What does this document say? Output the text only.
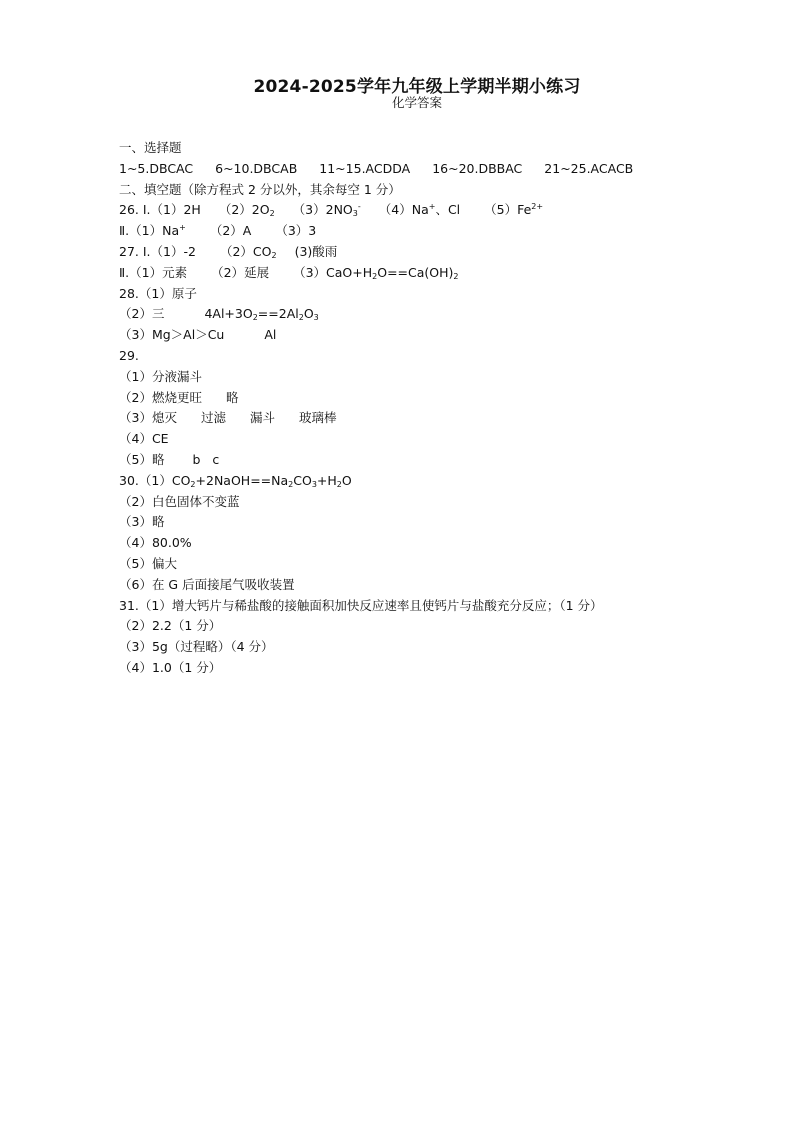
2024-2025学年九年级上学期半期小练习
化学答案
一、选择题
1~5.DBCAC 6~10.DBCAB 11~15.ACDDA 16~20.DBBAC 21~25.ACACB
二、填空题（除方程式 2 分以外，其余每空 1 分）
26. Ⅰ.（1）2H $(2)2O_2$ $(3)2NO_3^-$ （4）Na+、Cl $(5)Fe^{2+}$
Ⅱ.（1）Na+ （2）A （3）3
27. Ⅰ.（1）-2 $(2)CO_2$ (3)酸雨
Ⅱ.（1）元素 （2）延展 $(3)CaO+H_2O==Ca(OH)_2$
28.（1）原子
（2）三	$4Al+3O_2==2Al_2O_3$
（3）Mg＞Al＞Cu	Al
29.
（1）分液漏斗
（2）燃烧更旺 略
（3）熄灭 过滤 漏斗 玻璃棒
（4）CE
（5）略 b c
$30.(1)CO_2+2NaOH==Na_2CO_3+H_2O$
（2）白色固体不变蓝
（3）略
（4）80.0%
（5）偏大
（6）在 G 后面接尾气吸收装置
31.（1）增大钙片与稀盐酸的接触面积加快反应速率且使钙片与盐酸充分反应；（1 分）
（2）2.2（1 分）
（3）5g（过程略）（4 分）
（4）1.0（1 分）
